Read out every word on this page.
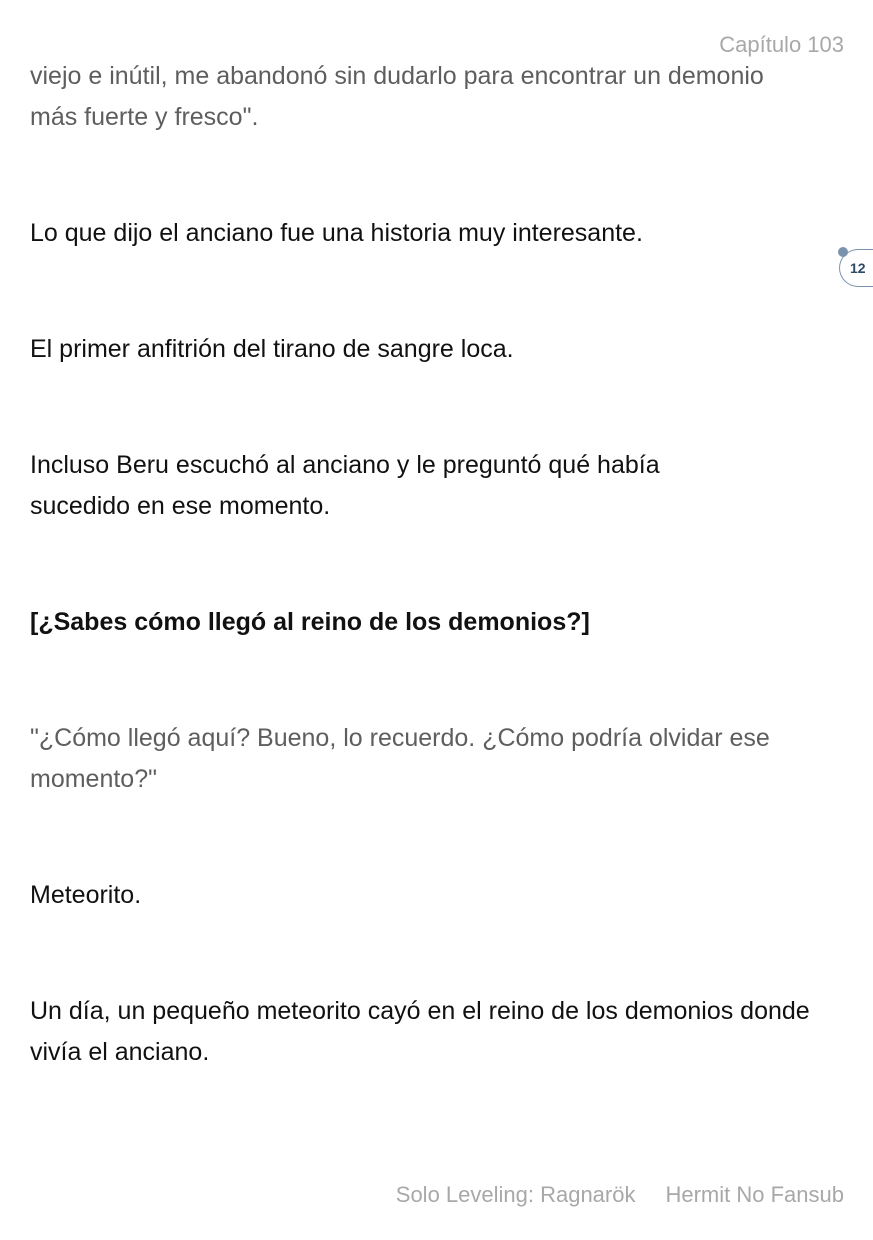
Capítulo 103
12

viejo e inútil, me abandonó sin dudarlo para encontrar un demonio más fuerte y fresco".

Lo que dijo el anciano fue una historia muy interesante.

El primer anfitrión del tirano de sangre loca.

Incluso Beru escuchó al anciano y le preguntó qué había sucedido en ese momento.

[¿Sabes cómo llegó al reino de los demonios?]

"¿Cómo llegó aquí? Bueno, lo recuerdo. ¿Cómo podría olvidar ese momento?"

Meteorito.

Un día, un pequeño meteorito cayó en el reino de los demonios donde vivía el anciano.

Solo Leveling: Ragnarök Hermit No Fansub
